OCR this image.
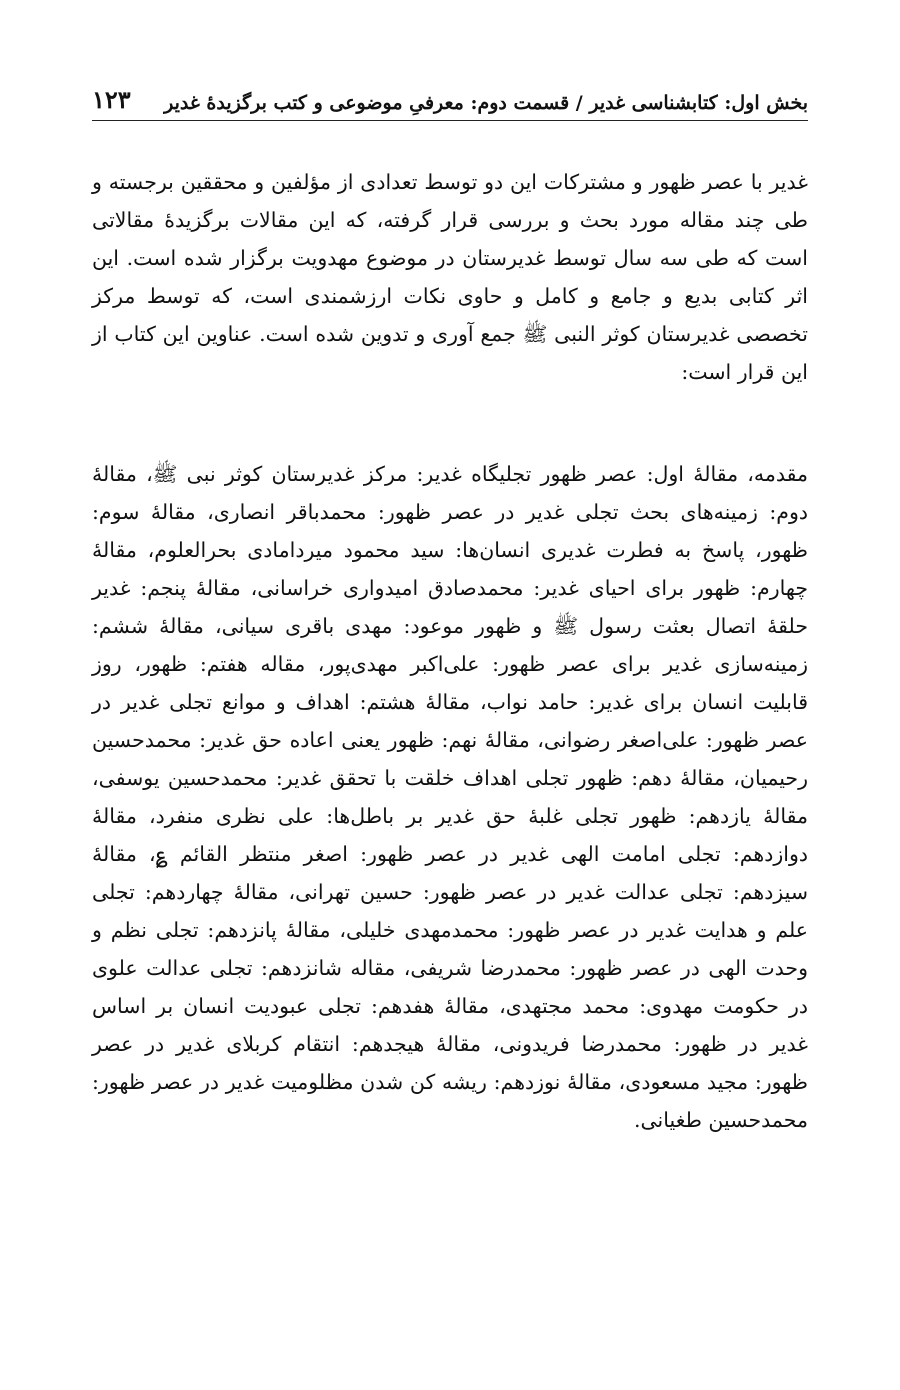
بخش اول: کتابشناسی غدیر / قسمت دوم: معرفیِ موضوعی و کتب برگزیدهٔ غدیر
۱۲۳

غدیر با عصر ظهور و مشترکات این دو توسط تعدادی از مؤلفین و محققین برجسته و طی چند مقاله مورد بحث و بررسی قرار گرفته، که این مقالات برگزیدهٔ مقالاتی است که طی سه سال توسط غدیرستان در موضوع مهدویت برگزار شده است. این اثر کتابی بدیع و جامع و کامل و حاوی نکات ارزشمندی است، که توسط مرکز تخصصی غدیرستان کوثر النبی ﷺ جمع آوری و تدوین شده است. عناوین این کتاب از این قرار است:

مقدمه، مقالهٔ اول: عصر ظهور تجلیگاه غدیر: مرکز غدیرستان کوثر نبی ﷺ، مقالهٔ دوم: زمینه‌های بحث تجلی غدیر در عصر ظهور: محمدباقر انصاری، مقالهٔ سوم: ظهور، پاسخ به فطرت غدیری انسان‌ها: سید محمود میردامادی بحرالعلوم، مقالهٔ چهارم: ظهور برای احیای غدیر: محمدصادق امیدواری خراسانی، مقالهٔ پنجم: غدیر حلقهٔ اتصال بعثت رسول ﷺ و ظهور موعود: مهدی باقری سیانی، مقالهٔ ششم: زمینه‌سازی غدیر برای عصر ظهور: علی‌اکبر مهدی‌پور، مقاله هفتم: ظهور، روز قابلیت انسان برای غدیر: حامد نواب، مقالهٔ هشتم: اهداف و موانع تجلی غدیر در عصر ظهور: علی‌اصغر رضوانی، مقالهٔ نهم: ظهور یعنی اعاده حق غدیر: محمدحسین رحیمیان، مقالهٔ دهم: ظهور تجلی اهداف خلقت با تحقق غدیر: محمدحسین یوسفی، مقالهٔ یازدهم: ظهور تجلی غلبهٔ حق غدیر بر باطل‌ها: علی نظری منفرد، مقالهٔ دوازدهم: تجلی امامت الهی غدیر در عصر ظهور: اصغر منتظر القائم ؏، مقالهٔ سیزدهم: تجلی عدالت غدیر در عصر ظهور: حسین تهرانی، مقالهٔ چهاردهم: تجلی علم و هدایت غدیر در عصر ظهور: محمدمهدی خلیلی، مقالهٔ پانزدهم: تجلی نظم و وحدت الهی در عصر ظهور: محمدرضا شریفی، مقاله شانزدهم: تجلی عدالت علوی در حکومت مهدوی: محمد مجتهدی، مقالهٔ هفدهم: تجلی عبودیت انسان بر اساس غدیر در ظهور: محمدرضا فریدونی، مقالهٔ هیجدهم: انتقام کربلای غدیر در عصر ظهور: مجید مسعودی، مقالهٔ نوزدهم: ریشه کن شدن مظلومیت غدیر در عصر ظهور: محمدحسین طغیانی.
